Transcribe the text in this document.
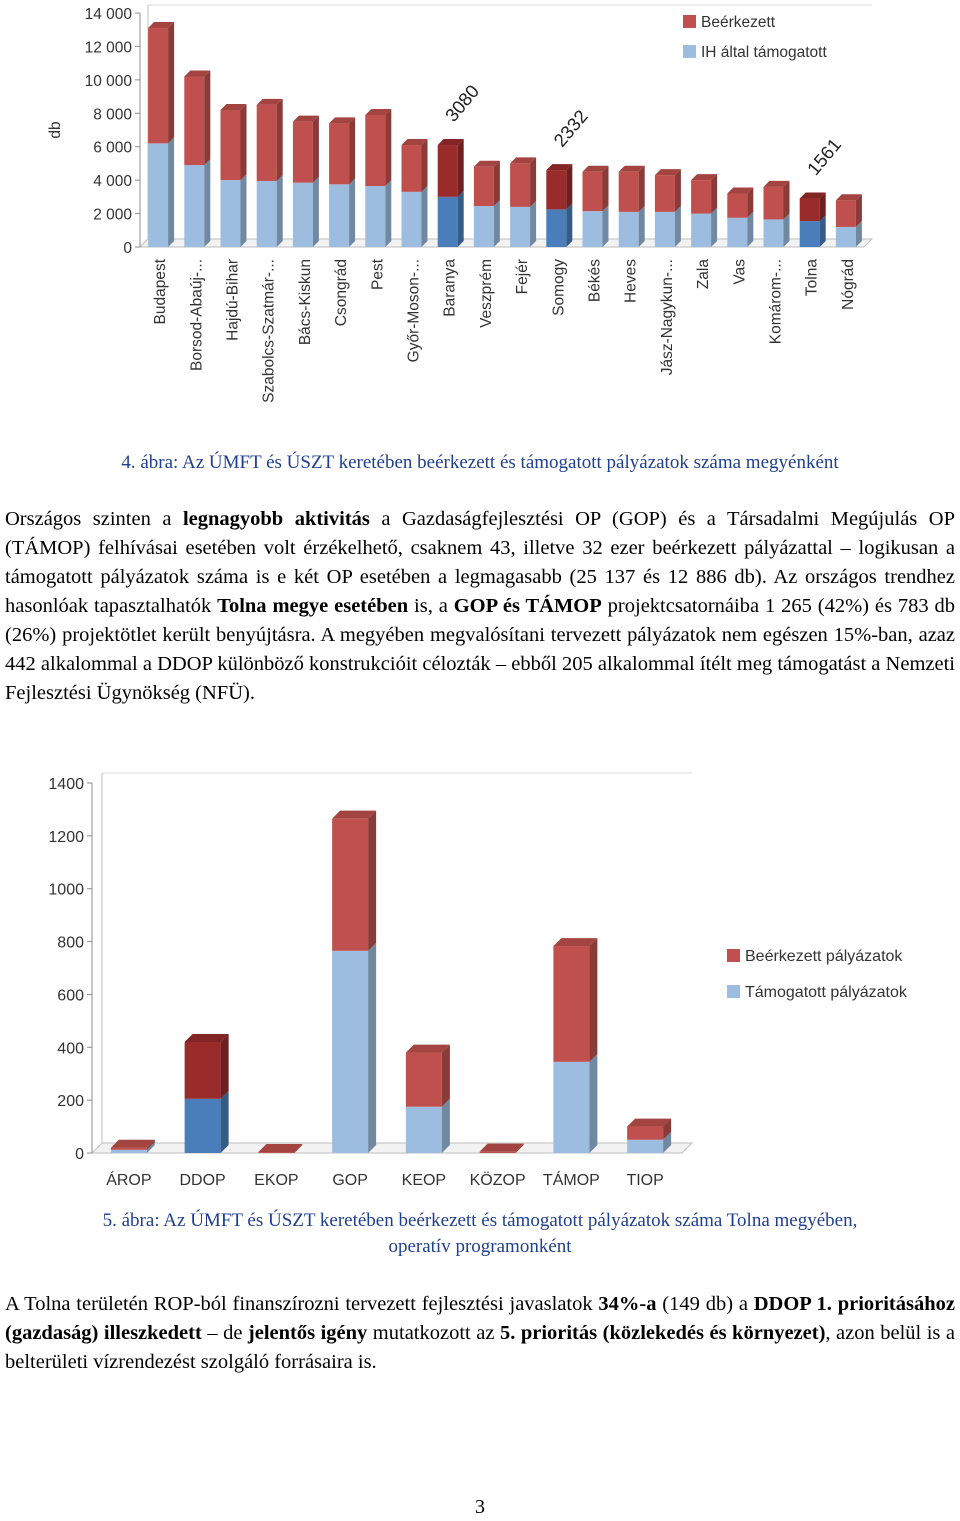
0
2 000
4 000
6 000
8 000
10 000
12 000
14 000
db
Budapest Borsod-Abaúj-... Hajdú-Bihar Szabolcs-Szatmár-... Bács-Kiskun Csongrád Pest Győr-Moson-... Baranya
3080
Veszprém Fejér Somogy
2332
Békés Heves Jász-Nagykun-... Zala Vas Komárom-... Tolna
1561
Nógrád
Beérkezett
IH által támogatott
4. ábra: Az ÚMFT és ÚSZT keretében beérkezett és támogatott pályázatok száma megyénként
Országos szinten a legnagyobb aktivitás a Gazdaságfejlesztési OP (GOP) és a Társadalmi Megújulás OP (TÁMOP) felhívásai esetében volt érzékelhető, csaknem 43, illetve 32 ezer beérkezett pályázattal – logikusan a támogatott pályázatok száma is e két OP esetében a legmagasabb (25 137 és 12 886 db). Az országos trendhez hasonlóak tapasztalhatók Tolna megye esetében is, a GOP és TÁMOP projektcsatornáiba 1 265 (42%) és 783 db (26%) projektötlet került benyújtásra. A megyében megvalósítani tervezett pályázatok nem egészen 15%-ban, azaz 442 alkalommal a DDOP különböző konstrukcióit célozták – ebből 205 alkalommal ítélt meg támogatást a Nemzeti Fejlesztési Ügynökség (NFÜ).
0
200
400
600
800
1000
1200
1400
ÁROP DDOP EKOP GOP KEOP KÖZOP TÁMOP TIOP
Beérkezett pályázatok
Támogatott pályázatok
5. ábra: Az ÚMFT és ÚSZT keretében beérkezett és támogatott pályázatok száma Tolna megyében,
operatív programonként
A Tolna területén ROP-ból finanszírozni tervezett fejlesztési javaslatok 34%-a (149 db) a DDOP 1. prioritásához (gazdaság) illeszkedett – de jelentős igény mutatkozott az 5. prioritás (közlekedés és környezet), azon belül is a belterületi vízrendezést szolgáló forrásaira is.
3
